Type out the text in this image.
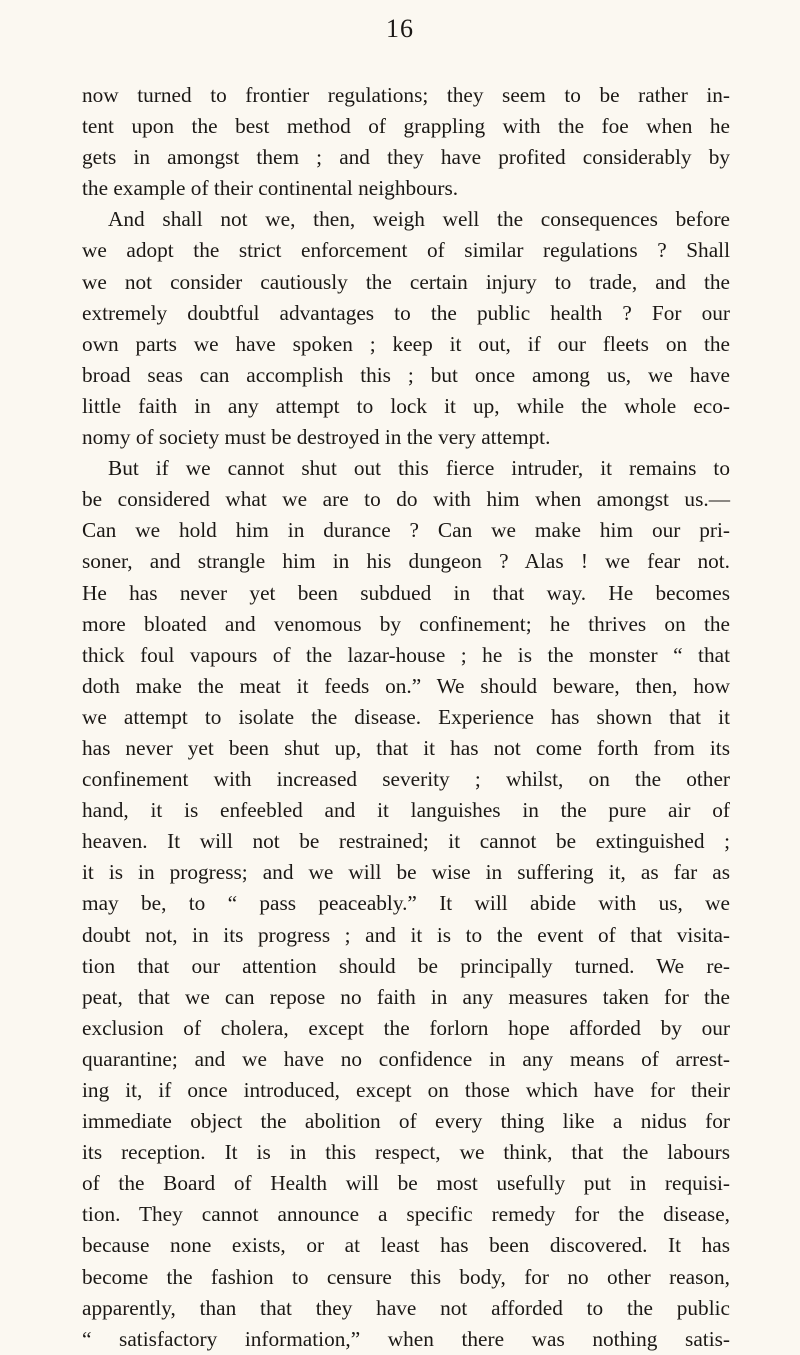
16

now turned to frontier regulations; they seem to be rather in-
tent upon the best method of grappling with the foe when he
gets in amongst them ; and they have profited considerably by
the example of their continental neighbours.

And shall not we, then, weigh well the consequences before
we adopt the strict enforcement of similar regulations ? Shall
we not consider cautiously the certain injury to trade, and the
extremely doubtful advantages to the public health ? For our
own parts we have spoken ; keep it out, if our fleets on the
broad seas can accomplish this ; but once among us, we have
little faith in any attempt to lock it up, while the whole eco-
nomy of society must be destroyed in the very attempt.

But if we cannot shut out this fierce intruder, it remains to
be considered what we are to do with him when amongst us.—
Can we hold him in durance ? Can we make him our pri-
soner, and strangle him in his dungeon ? Alas ! we fear not.
He has never yet been subdued in that way. He becomes
more bloated and venomous by confinement; he thrives on the
thick foul vapours of the lazar-house ; he is the monster “ that
doth make the meat it feeds on.” We should beware, then, how
we attempt to isolate the disease. Experience has shown that it
has never yet been shut up, that it has not come forth from its
confinement with increased severity ; whilst, on the other
hand, it is enfeebled and it languishes in the pure air of
heaven. It will not be restrained; it cannot be extinguished ;
it is in progress; and we will be wise in suffering it, as far as
may be, to “ pass peaceably.” It will abide with us, we
doubt not, in its progress ; and it is to the event of that visita-
tion that our attention should be principally turned. We re-
peat, that we can repose no faith in any measures taken for the
exclusion of cholera, except the forlorn hope afforded by our
quarantine; and we have no confidence in any means of arrest-
ing it, if once introduced, except on those which have for their
immediate object the abolition of every thing like a nidus for
its reception. It is in this respect, we think, that the labours
of the Board of Health will be most usefully put in requisi-
tion. They cannot announce a specific remedy for the disease,
because none exists, or at least has been discovered. It has
become the fashion to censure this body, for no other reason,
apparently, than that they have not afforded to the public
“ satisfactory information,” when there was nothing satis-
